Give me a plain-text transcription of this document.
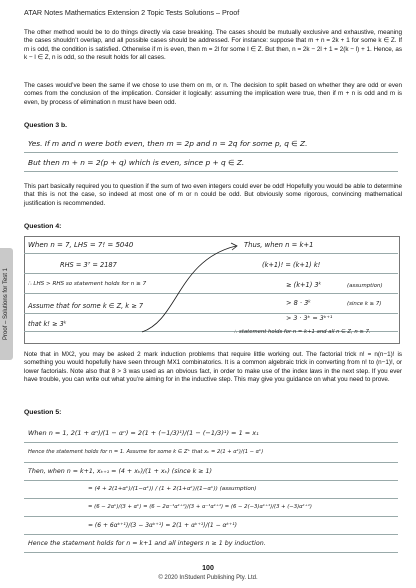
ATAR Notes Mathematics Extension 2 Topic Tests Solutions – Proof
Proof – Solutions for Test 1

The other method would be to do things directly via case breaking. The cases should be mutually exclusive and exhaustive, meaning the cases shouldn’t overlap, and all possible cases should be addressed. For instance: suppose that m + n = 2k + 1 for some k ∈ Z. If m is odd, the condition is satisfied. Otherwise if m is even, then m = 2l for some l ∈ Z. But then, n = 2k − 2l + 1 = 2(k − l) + 1. Hence, as k − l ∈ Z, n is odd, so the result holds for all cases.

The cases would’ve been the same if we chose to use them on m, or n. The decision to split based on whether they are odd or even comes from the conclusion of the implication. Consider it logically: assuming the implication were true, then if m + n is odd and m is even, by process of elimination n must have been odd.

Question 3 b.
Yes. If m and n were both even, then m = 2p and n = 2q for some p, q ∈ Z.
But then m + n = 2(p + q) which is even, since p + q ∈ Z.

This part basically required you to question if the sum of two even integers could ever be odd! Hopefully you would be able to determine that this is not the case, so indeed at most one of m or n could be odd. But obviously some rigorous, convincing mathematical justification is recommended.

Question 4:
When n = 7, LHS = 7! = 5040
RHS = 3⁷ = 2187
∴ LHS > RHS so statement holds for n ≥ 7
Assume that for some k ∈ Z, k ≥ 7
that k! ≥ 3ᵏ
Thus, when n = k+1
(k+1)! = (k+1) k!
≥ (k+1) 3ᵏ	(assumption)
> 8 · 3ᵏ	(since k ≥ 7)
> 3 · 3ᵏ = 3ᵏ⁺¹
∴ statement holds for n = k+1 and all n ∈ Z, n ≥ 7.

Note that in MX2, you may be asked 2 mark induction problems that require little working out. The factorial trick n! = n(n−1)! is something you would hopefully have seen through MX1 combinatorics. It is a common algebraic trick in converting from n! to (n−1)!, or lower factorials. Note also that 8 > 3 was used as an obvious fact, in order to make use of the index laws in the next step. If you ever have trouble, you can write out what you’re aiming for in the inductive step. This may give you guidance on what you need to prove.

Question 5:
When n = 1, 2(1 + αⁿ)/(1 − αⁿ) = 2(1 + (−1/3)¹)/(1 − (−1/3)¹) = 1 = x₁
Hence the statement holds for n = 1. Assume for some k ∈ Z⁺ that xₖ = 2(1 + αᵏ)/(1 − αᵏ)
Then, when n = k+1, xₖ₊₁ = (4 + xₖ)/(1 + xₖ) (since k ≥ 1)
= (4 + 2(1+αᵏ)/(1−αᵏ)) / (1 + 2(1+αᵏ)/(1−αᵏ)) (assumption)
= (6 − 2αᵏ)/(3 + αᵏ) = (6 − 2α⁻¹αᵏ⁺¹)/(3 + α⁻¹αᵏ⁺¹) = (6 − 2(−3)αᵏ⁺¹)/(3 + (−3)αᵏ⁺¹)
= (6 + 6αᵏ⁺¹)/(3 − 3αᵏ⁺¹) = 2(1 + αᵏ⁺¹)/(1 − αᵏ⁺¹)
Hence the statement holds for n = k+1 and all integers n ≥ 1 by induction.
100
© 2020 InStudent Publishing Pty. Ltd.
